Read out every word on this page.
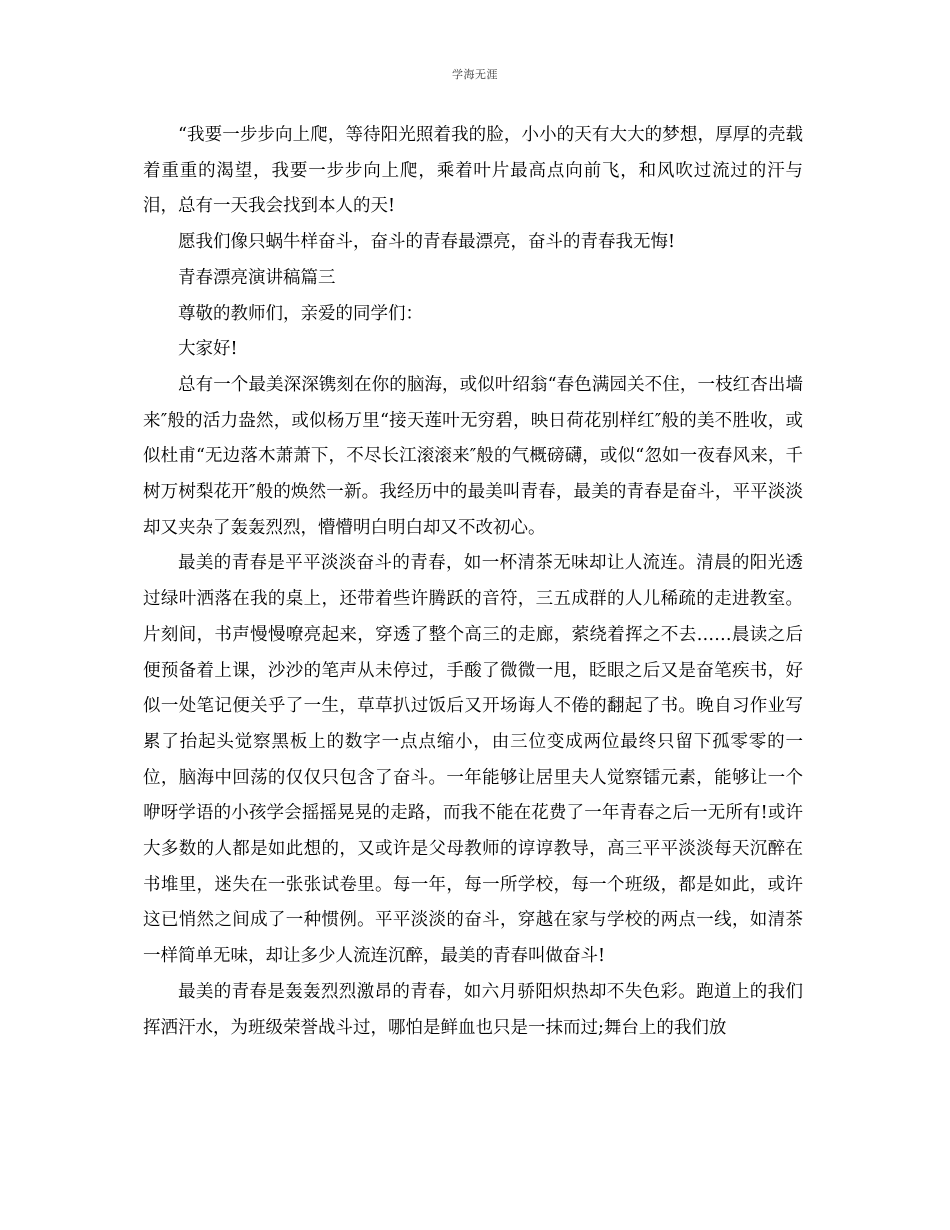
学海无涯

“我要一步步向上爬，等待阳光照着我的脸，小小的天有大大的梦想，厚厚的壳载着重重的渴望，我要一步步向上爬，乘着叶片最高点向前飞，和风吹过流过的汗与泪，总有一天我会找到本人的天!

愿我们像只蜗牛样奋斗，奋斗的青春最漂亮，奋斗的青春我无悔!

青春漂亮演讲稿篇三

尊敬的教师们，亲爱的同学们：

大家好!

总有一个最美深深镌刻在你的脑海，或似叶绍翁“春色满园关不住，一枝红杏出墙来″般的活力盎然，或似杨万里“接天莲叶无穷碧，映日荷花别样红″般的美不胜收，或似杜甫“无边落木萧萧下，不尽长江滚滚来″般的气概磅礴，或似“忽如一夜春风来，千树万树梨花开″般的焕然一新。我经历中的最美叫青春，最美的青春是奋斗，平平淡淡却又夹杂了轰轰烈烈，懵懵明白明白却又不改初心。

最美的青春是平平淡淡奋斗的青春，如一杯清茶无味却让人流连。清晨的阳光透过绿叶洒落在我的桌上，还带着些许腾跃的音符，三五成群的人儿稀疏的走进教室。片刻间，书声慢慢嘹亮起来，穿透了整个高三的走廊，萦绕着挥之不去……晨读之后便预备着上课，沙沙的笔声从未停过，手酸了微微一甩，眨眼之后又是奋笔疾书，好似一处笔记便关乎了一生，草草扒过饭后又开场诲人不倦的翻起了书。晚自习作业写累了抬起头觉察黑板上的数字一点点缩小，由三位变成两位最终只留下孤零零的一位，脑海中回荡的仅仅只包含了奋斗。一年能够让居里夫人觉察镭元素，能够让一个咿呀学语的小孩学会摇摇晃晃的走路，而我不能在花费了一年青春之后一无所有!或许大多数的人都是如此想的，又或许是父母教师的谆谆教导，高三平平淡淡每天沉醉在书堆里，迷失在一张张试卷里。每一年，每一所学校，每一个班级，都是如此，或许这已悄然之间成了一种惯例。平平淡淡的奋斗，穿越在家与学校的两点一线，如清茶一样简单无味，却让多少人流连沉醉，最美的青春叫做奋斗!

最美的青春是轰轰烈烈激昂的青春，如六月骄阳炽热却不失色彩。跑道上的我们挥洒汗水，为班级荣誉战斗过，哪怕是鲜血也只是一抹而过;舞台上的我们放
